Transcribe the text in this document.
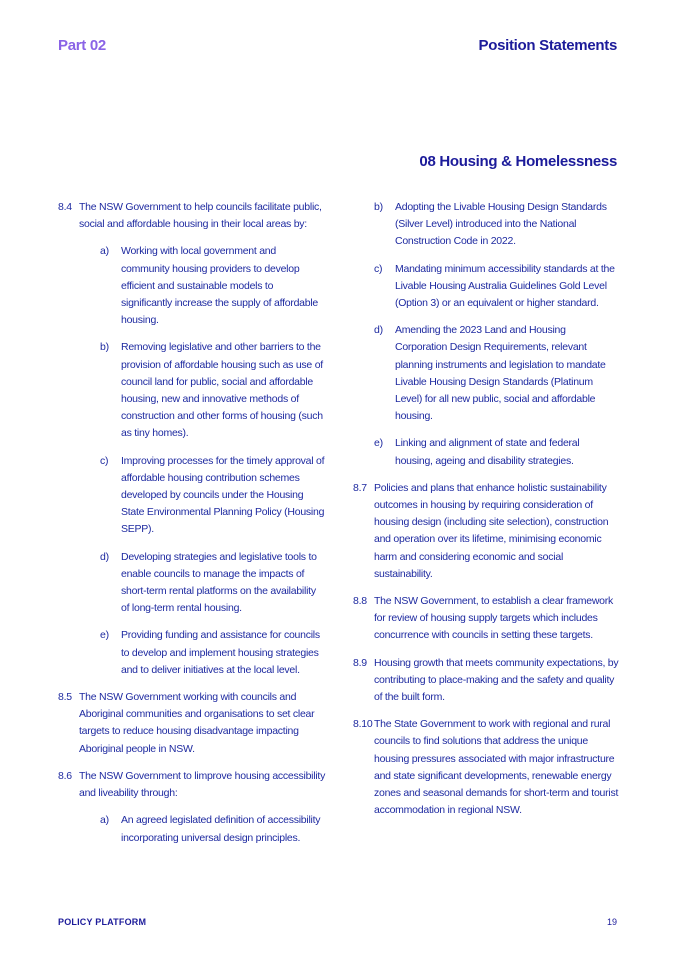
Part 02	Position Statements
08 Housing & Homelessness
8.4 The NSW Government to help councils facilitate public, social and affordable housing in their local areas by:
a) Working with local government and community housing providers to develop efficient and sustainable models to significantly increase the supply of affordable housing.
b) Removing legislative and other barriers to the provision of affordable housing such as use of council land for public, social and affordable housing, new and innovative methods of construction and other forms of housing (such as tiny homes).
c) Improving processes for the timely approval of affordable housing contribution schemes developed by councils under the Housing State Environmental Planning Policy (Housing SEPP).
d) Developing strategies and legislative tools to enable councils to manage the impacts of short-term rental platforms on the availability of long-term rental housing.
e) Providing funding and assistance for councils to develop and implement housing strategies and to deliver initiatives at the local level.
8.5 The NSW Government working with councils and Aboriginal communities and organisations to set clear targets to reduce housing disadvantage impacting Aboriginal people in NSW.
8.6 The NSW Government to limprove housing accessibility and liveability through:
a) An agreed legislated definition of accessibility incorporating universal design principles.
b) Adopting the Livable Housing Design Standards (Silver Level) introduced into the National Construction Code in 2022.
c) Mandating minimum accessibility standards at the Livable Housing Australia Guidelines Gold Level (Option 3) or an equivalent or higher standard.
d) Amending the 2023 Land and Housing Corporation Design Requirements, relevant planning instruments and legislation to mandate Livable Housing Design Standards (Platinum Level) for all new public, social and affordable housing.
e) Linking and alignment of state and federal housing, ageing and disability strategies.
8.7 Policies and plans that enhance holistic sustainability outcomes in housing by requiring consideration of housing design (including site selection), construction and operation over its lifetime, minimising economic harm and considering economic and social sustainability.
8.8 The NSW Government, to establish a clear framework for review of housing supply targets which includes concurrence with councils in setting these targets.
8.9 Housing growth that meets community expectations, by contributing to place-making and the safety and quality of the built form.
8.10 The State Government to work with regional and rural councils to find solutions that address the unique housing pressures associated with major infrastructure and state significant developments, renewable energy zones and seasonal demands for short-term and tourist accommodation in regional NSW.
POLICY PLATFORM	19
